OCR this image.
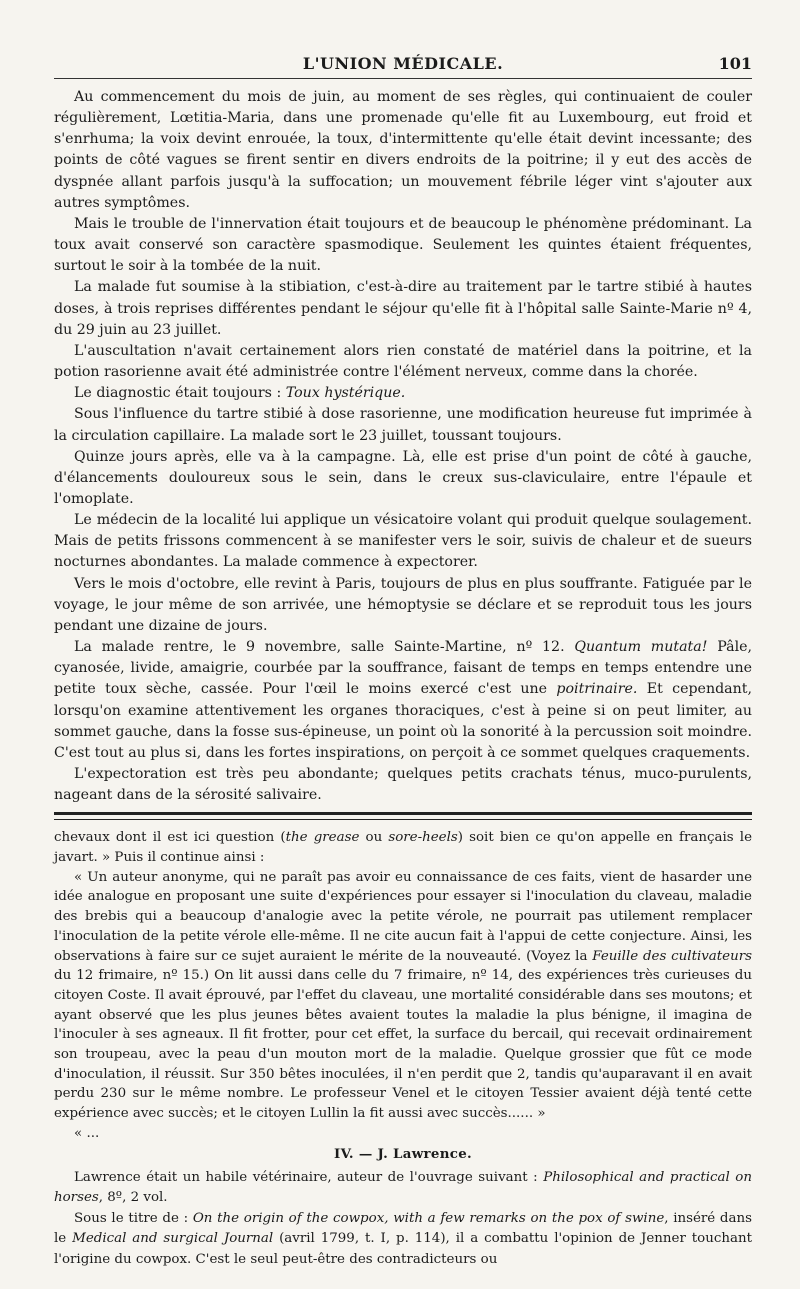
L'UNION MÉDICALE.	101

Au commencement du mois de juin, au moment de ses règles, qui continuaient de couler régulièrement, Lœtitia-Maria, dans une promenade qu'elle fit au Luxembourg, eut froid et s'enrhuma; la voix devint enrouée, la toux, d'intermittente qu'elle était devint incessante; des points de côté vagues se firent sentir en divers endroits de la poitrine; il y eut des accès de dyspnée allant parfois jusqu'à la suffocation; un mouvement fébrile léger vint s'ajouter aux autres symptômes.

Mais le trouble de l'innervation était toujours et de beaucoup le phénomène prédominant. La toux avait conservé son caractère spasmodique. Seulement les quintes étaient fréquentes, surtout le soir à la tombée de la nuit.

La malade fut soumise à la stibiation, c'est-à-dire au traitement par le tartre stibié à hautes doses, à trois reprises différentes pendant le séjour qu'elle fit à l'hôpital salle Sainte-Marie nº 4, du 29 juin au 23 juillet.

L'auscultation n'avait certainement alors rien constaté de matériel dans la poitrine, et la potion rasorienne avait été administrée contre l'élément nerveux, comme dans la chorée.

Le diagnostic était toujours : Toux hystérique.

Sous l'influence du tartre stibié à dose rasorienne, une modification heureuse fut imprimée à la circulation capillaire. La malade sort le 23 juillet, toussant toujours.

Quinze jours après, elle va à la campagne. Là, elle est prise d'un point de côté à gauche, d'élancements douloureux sous le sein, dans le creux sus-claviculaire, entre l'épaule et l'omoplate.

Le médecin de la localité lui applique un vésicatoire volant qui produit quelque soulagement. Mais de petits frissons commencent à se manifester vers le soir, suivis de chaleur et de sueurs nocturnes abondantes. La malade commence à expectorer.

Vers le mois d'octobre, elle revint à Paris, toujours de plus en plus souffrante. Fatiguée par le voyage, le jour même de son arrivée, une hémoptysie se déclare et se reproduit tous les jours pendant une dizaine de jours.

La malade rentre, le 9 novembre, salle Sainte-Martine, nº 12. Quantum mutata! Pâle, cyanosée, livide, amaigrie, courbée par la souffrance, faisant de temps en temps entendre une petite toux sèche, cassée. Pour l'œil le moins exercé c'est une poitrinaire. Et cependant, lorsqu'on examine attentivement les organes thoraciques, c'est à peine si on peut limiter, au sommet gauche, dans la fosse sus-épineuse, un point où la sonorité à la percussion soit moindre. C'est tout au plus si, dans les fortes inspirations, on perçoit à ce sommet quelques craquements.

L'expectoration est très peu abondante; quelques petits crachats ténus, muco-purulents, nageant dans de la sérosité salivaire.

chevaux dont il est ici question (the grease ou sore-heels) soit bien ce qu'on appelle en français le javart. » Puis il continue ainsi :

« Un auteur anonyme, qui ne paraît pas avoir eu connaissance de ces faits, vient de hasarder une idée analogue en proposant une suite d'expériences pour essayer si l'inoculation du claveau, maladie des brebis qui a beaucoup d'analogie avec la petite vérole, ne pourrait pas utilement remplacer l'inoculation de la petite vérole elle-même. Il ne cite aucun fait à l'appui de cette conjecture. Ainsi, les observations à faire sur ce sujet auraient le mérite de la nouveauté. (Voyez la Feuille des cultivateurs du 12 frimaire, nº 15.) On lit aussi dans celle du 7 frimaire, nº 14, des expériences très curieuses du citoyen Coste. Il avait éprouvé, par l'effet du claveau, une mortalité considérable dans ses moutons; et ayant observé que les plus jeunes bêtes avaient toutes la maladie la plus bénigne, il imagina de l'inoculer à ses agneaux. Il fit frotter, pour cet effet, la surface du bercail, qui recevait ordinairement son troupeau, avec la peau d'un mouton mort de la maladie. Quelque grossier que fût ce mode d'inoculation, il réussit. Sur 350 bêtes inoculées, il n'en perdit que 2, tandis qu'auparavant il en avait perdu 230 sur le même nombre. Le professeur Venel et le citoyen Tessier avaient déjà tenté cette expérience avec succès; et le citoyen Lullin la fit aussi avec succès...... »

« ...

IV. — J. Lawrence.

Lawrence était un habile vétérinaire, auteur de l'ouvrage suivant : Philosophical and practical on horses, 8º, 2 vol.

Sous le titre de : On the origin of the cowpox, with a few remarks on the pox of swine, inséré dans le Medical and surgical Journal (avril 1799, t. I, p. 114), il a combattu l'opinion de Jenner touchant l'origine du cowpox. C'est le seul peut-être des contradicteurs ou
